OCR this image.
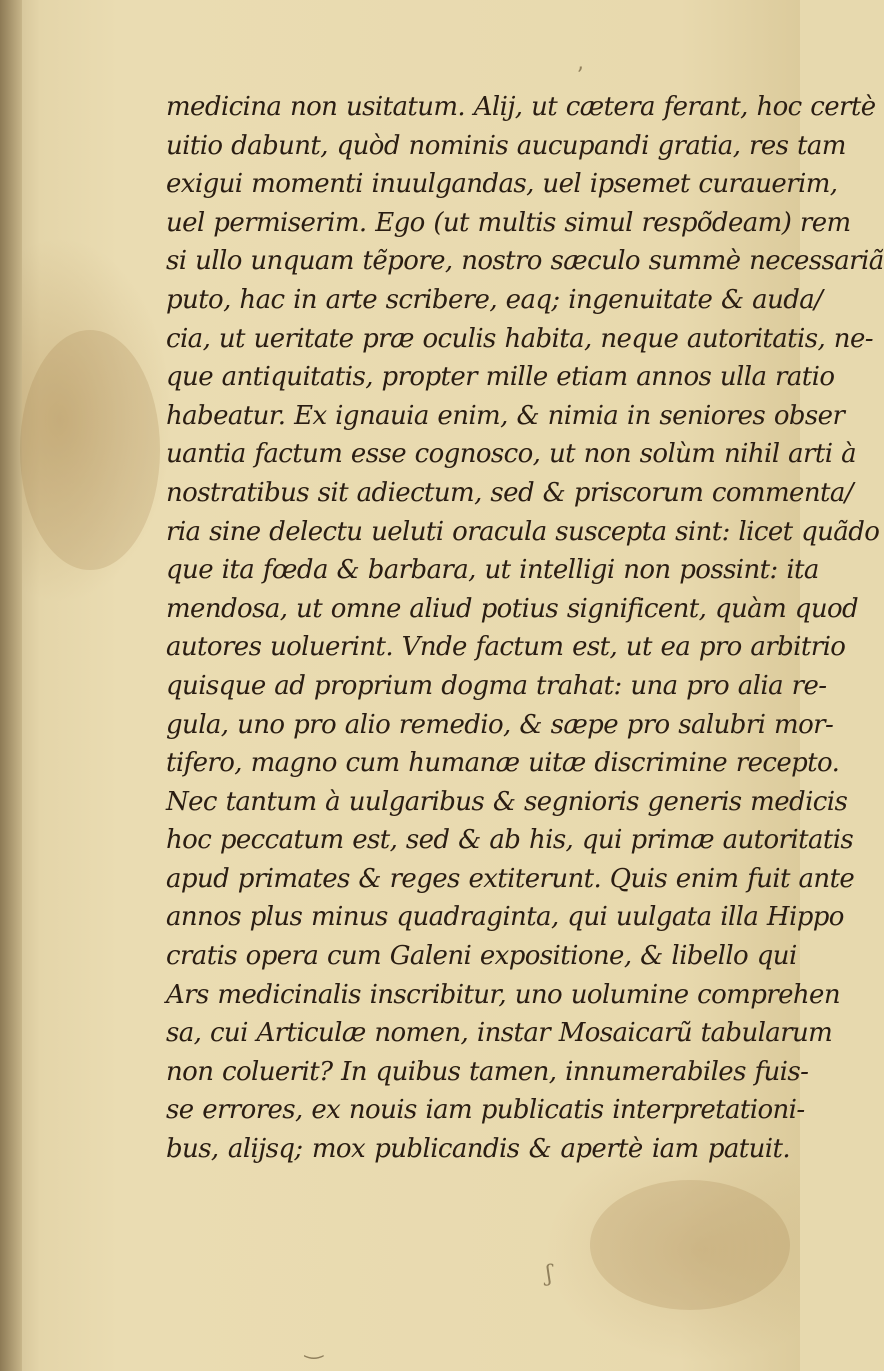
ʼ
ʃ
‿
medicina non usitatum. Alij, ut cætera ferant, hoc certè
uitio dabunt, quòd nominis aucupandi gratia, res tam
exigui momenti inuulgandas, uel ipsemet curauerim,
uel permiserim. Ego (ut multis simul respõdeam) rem
si ullo unquam tẽpore, nostro sæculo summè necessariã
puto, hac in arte scribere, eaq; ingenuitate & auda/
cia, ut ueritate præ oculis habita, neque autoritatis, ne-
que antiquitatis, propter mille etiam annos ulla ratio
habeatur. Ex ignauia enim, & nimia in seniores obser
uantia factum esse cognosco, ut non solùm nihil arti à
nostratibus sit adiectum, sed & priscorum commenta/
ria sine delectu ueluti oracula suscepta sint: licet quãdo
que ita fœda & barbara, ut intelligi non possint: ita
mendosa, ut omne aliud potius significent, quàm quod
autores uoluerint. Vnde factum est, ut ea pro arbitrio
quisque ad proprium dogma trahat: una pro alia re-
gula, uno pro alio remedio, & sæpe pro salubri mor-
tifero, magno cum humanæ uitæ discrimine recepto.
Nec tantum à uulgaribus & segnioris generis medicis
hoc peccatum est, sed & ab his, qui primæ autoritatis
apud primates & reges extiterunt. Quis enim fuit ante
annos plus minus quadraginta, qui uulgata illa Hippo
cratis opera cum Galeni expositione, & libello qui
Ars medicinalis inscribitur, uno uolumine comprehen
sa, cui Articulæ nomen, instar Mosaicarũ tabularum
non coluerit? In quibus tamen, innumerabiles fuis-
se errores, ex nouis iam publicatis interpretationi-
bus, alijsq; mox publicandis & apertè iam patuit.
